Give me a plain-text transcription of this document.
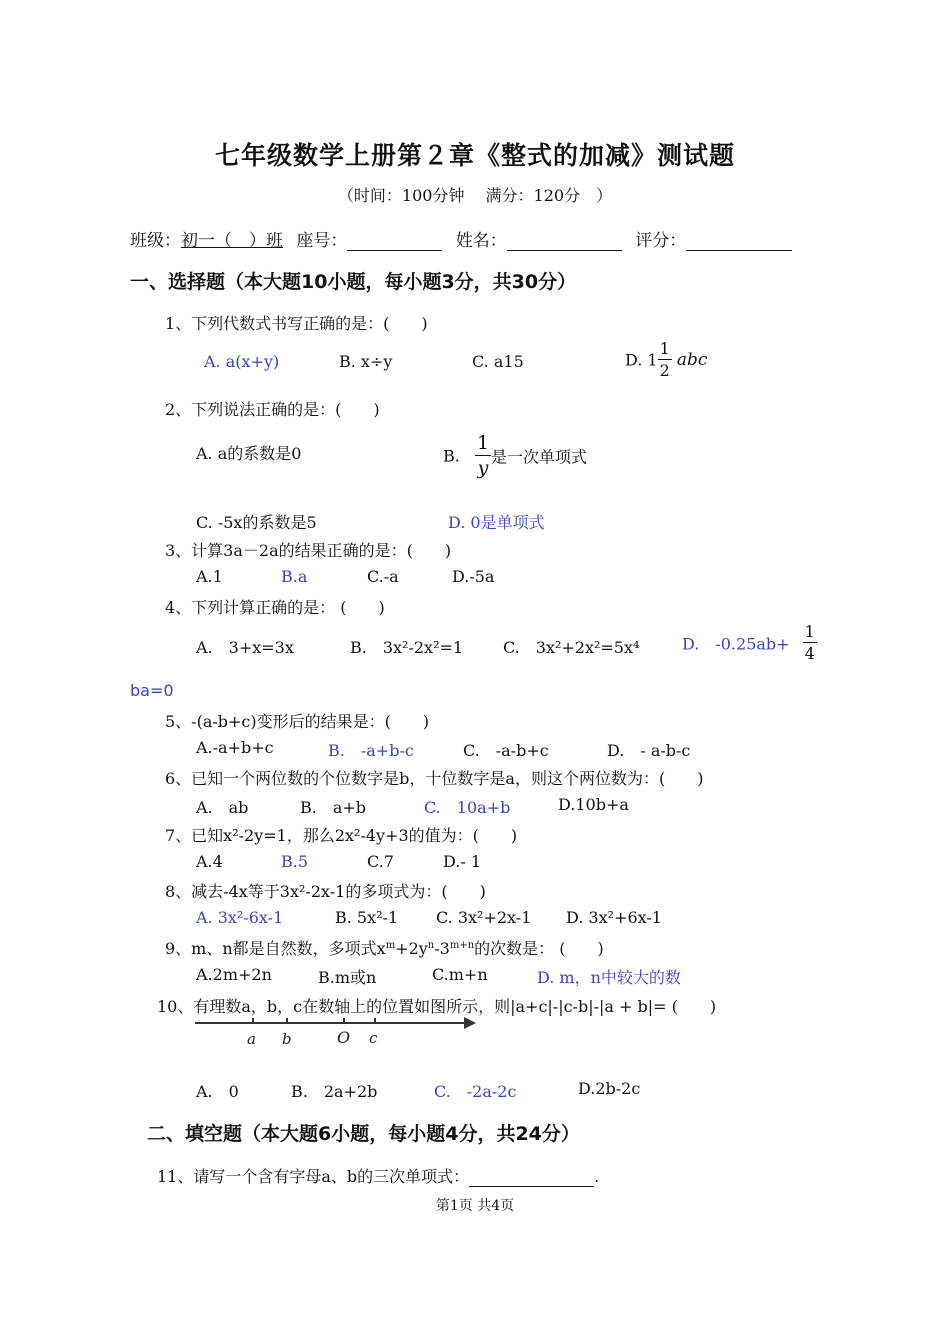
七年级数学上册第２章《整式的加减》测试题
（时间：100分钟　 满分：120分　）
班级：初一（　）班 座号：	姓名：	评分：
一、选择题（本大题10小题，每小题3分，共30分）
1、下列代数式书写正确的是：(　　)
A. a(x+y)	B. x÷y	C. a15	D. $1 \frac{1}{2}$ abc
2、下列说法正确的是：(　　)
A. a的系数是0	B. $\frac{1}{y}$ 是一次单项式
C. -5x的系数是5	D. 0是单项式
3、计算3a－2a的结果正确的是：(　　)
A.1	B.a	C.-a	D.-5a
4、下列计算正确的是： (　　)
A.　3+x=3x	B.　3x²-2x²=1 C.　3x²+2x²=5x⁴	D.　$-0.25ab+ \frac{1}{4}$
ba=0
5、-(a-b+c)变形后的结果是：(　　)
A.-a+b+c	B.　-a+b-c	C.　-a-b+c	D.　- a-b-c
6、已知一个两位数的个位数字是b，十位数字是a，则这个两位数为：(　　)
A.　ab	B.　a+b	C.　10a+b	D.10b+a
7、已知x²-2y=1，那么2x²-4y+3的值为：(　　)
A.4	B.5	C.7	D.- 1
8、减去-4x等于3x²-2x-1的多项式为：(　　)
A. 3x²-6x-1	B. 5x²-1 C. 3x²+2x-1 D. 3x²+6x-1
9、m、n都是自然数，多项式$x^m+2y^n-3^{m+n}$的次数是： (　　)
A.2m+2n	B.m或n	C.m+n	D. m，n中较大的数
10、有理数a，b，c在数轴上的位置如图所示，则|a+c|-|c-b|-|a + b|= (　　)
a b	O c
A.　0	B.　2a+2b	C.　-2a-2c	D.2b-2c
二、填空题（本大题6小题，每小题4分，共24分）
11、请写一个含有字母a、b的三次单项式：	.
第1页 共4页
